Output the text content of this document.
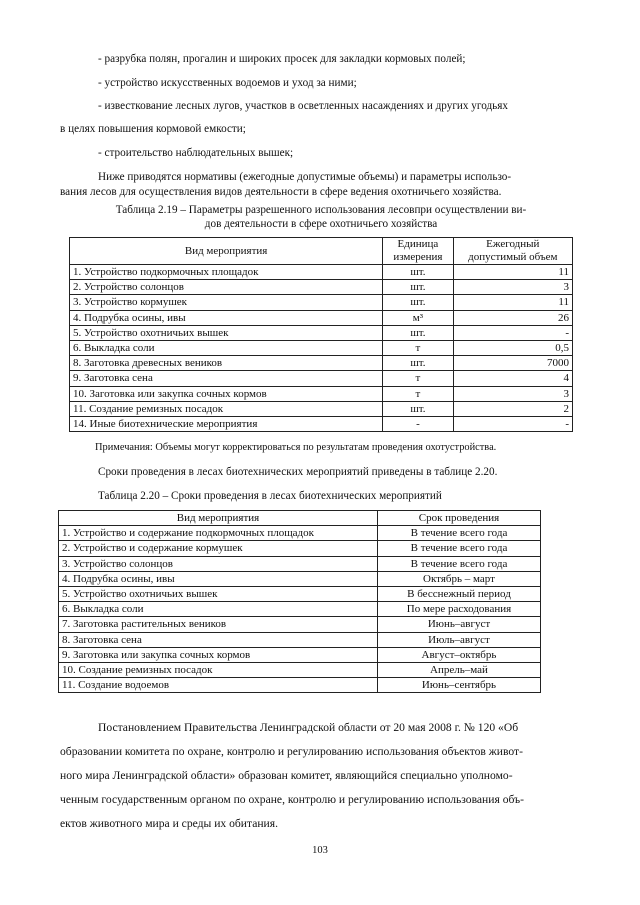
- разрубка полян, прогалин и широких просек для закладки кормовых полей;
- устройство искусственных водоемов и уход за ними;
- известкование лесных лугов, участков в осветленных насаждениях и других угодьях
в целях повышения кормовой емкости;
- строительство наблюдательных вышек;
Ниже приводятся нормативы (ежегодные допустимые объемы) и параметры использо-
вания лесов для осуществления видов деятельности в сфере ведения охотничьего хозяйства.
Таблица 2.19 – Параметры разрешенного использования лесовпри осуществлении ви-
дов деятельности в сфере охотничьего хозяйства
Вид мероприятия	Единица измерения	Ежегодный допустимый объем
1. Устройство подкормочных площадок	шт.	11
2. Устройство солонцов	шт.	3
3. Устройство кормушек	шт.	11
4. Подрубка осины, ивы	м³	26
5. Устройство охотничьих вышек	шт.	-
6. Выкладка соли	т	0,5
8. Заготовка древесных веников	шт.	7000
9. Заготовка сена	т	4
10. Заготовка или закупка сочных кормов	т	3
11. Создание ремизных посадок	шт.	2
14. Иные биотехнические мероприятия	-	-
Примечания: Объемы могут корректироваться по результатам проведения охотустройства.
Сроки проведения в лесах биотехнических мероприятий приведены в таблице 2.20.
Таблица 2.20 – Сроки проведения в лесах биотехнических мероприятий
Вид мероприятия	Срок проведения
1. Устройство и содержание подкормочных площадок	В течение всего года
2. Устройство и содержание кормушек	В течение всего года
3. Устройство солонцов	В течение всего года
4. Подрубка осины, ивы	Октябрь – март
5. Устройство охотничьих вышек	В бесснежный период
6. Выкладка соли	По мере расходования
7. Заготовка растительных веников	Июнь–август
8. Заготовка сена	Июль–август
9. Заготовка или закупка сочных кормов	Август–октябрь
10. Создание ремизных посадок	Апрель–май
11. Создание водоемов	Июнь–сентябрь
Постановлением Правительства Ленинградской области от 20 мая 2008 г. № 120 «Об
образовании комитета по охране, контролю и регулированию использования объектов живот-
ного мира Ленинградской области» образован комитет, являющийся специально уполномо-
ченным государственным органом по охране, контролю и регулированию использования объ-
ектов животного мира и среды их обитания.
103
